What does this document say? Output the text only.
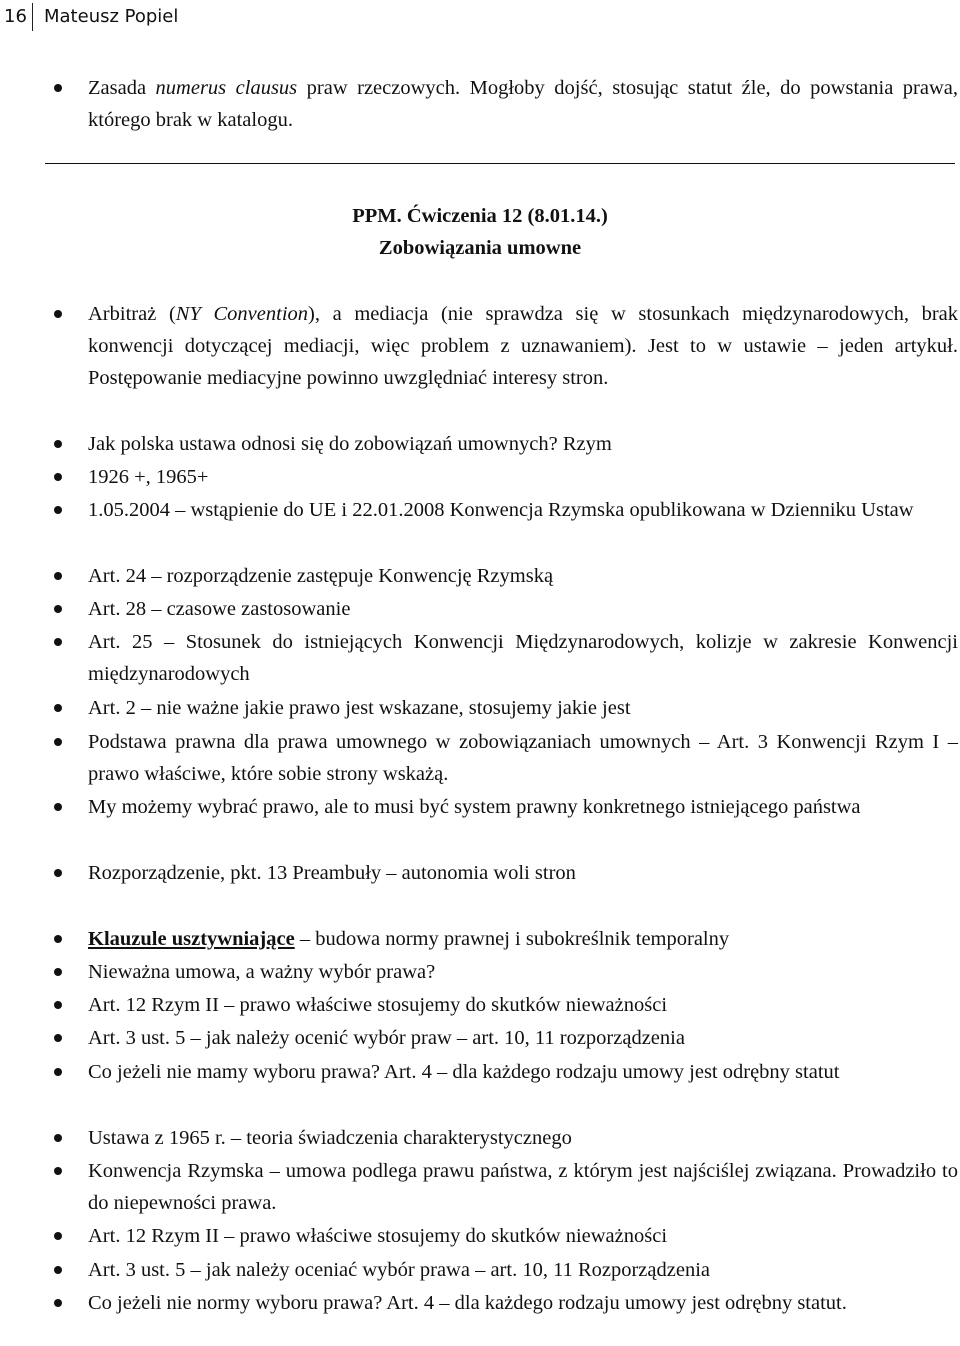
16 Mateusz Popiel

Zasada numerus clausus praw rzeczowych. Mogłoby dojść, stosując statut źle, do powstania prawa, którego brak w katalogu.

PPM. Ćwiczenia 12 (8.01.14.)
Zobowiązania umowne

Arbitraż (NY Convention), a mediacja (nie sprawdza się w stosunkach międzynarodowych, brak konwencji dotyczącej mediacji, więc problem z uznawaniem). Jest to w ustawie – jeden artykuł. Postępowanie mediacyjne powinno uwzględniać interesy stron.

Jak polska ustawa odnosi się do zobowiązań umownych? Rzym

1926 +, 1965+

1.05.2004 – wstąpienie do UE i 22.01.2008 Konwencja Rzymska opublikowana w Dzienniku Ustaw

Art. 24 – rozporządzenie zastępuje Konwencję Rzymską

Art. 28 – czasowe zastosowanie

Art. 25 – Stosunek do istniejących Konwencji Międzynarodowych, kolizje w zakresie Konwencji międzynarodowych

Art. 2 – nie ważne jakie prawo jest wskazane, stosujemy jakie jest

Podstawa prawna dla prawa umownego w zobowiązaniach umownych – Art. 3 Konwencji Rzym I – prawo właściwe, które sobie strony wskażą.

My możemy wybrać prawo, ale to musi być system prawny konkretnego istniejącego państwa

Rozporządzenie, pkt. 13 Preambuły – autonomia woli stron

Klauzule usztywniające – budowa normy prawnej i subokreślnik temporalny

Nieważna umowa, a ważny wybór prawa?

Art. 12 Rzym II – prawo właściwe stosujemy do skutków nieważności

Art. 3 ust. 5 – jak należy ocenić wybór praw – art. 10, 11 rozporządzenia

Co jeżeli nie mamy wyboru prawa? Art. 4 – dla każdego rodzaju umowy jest odrębny statut

Ustawa z 1965 r. – teoria świadczenia charakterystycznego

Konwencja Rzymska – umowa podlega prawu państwa, z którym jest najściślej związana. Prowadziło to do niepewności prawa.

Art. 12 Rzym II – prawo właściwe stosujemy do skutków nieważności

Art. 3 ust. 5 – jak należy oceniać wybór prawa – art. 10, 11 Rozporządzenia

Co jeżeli nie normy wyboru prawa? Art. 4 – dla każdego rodzaju umowy jest odrębny statut.
